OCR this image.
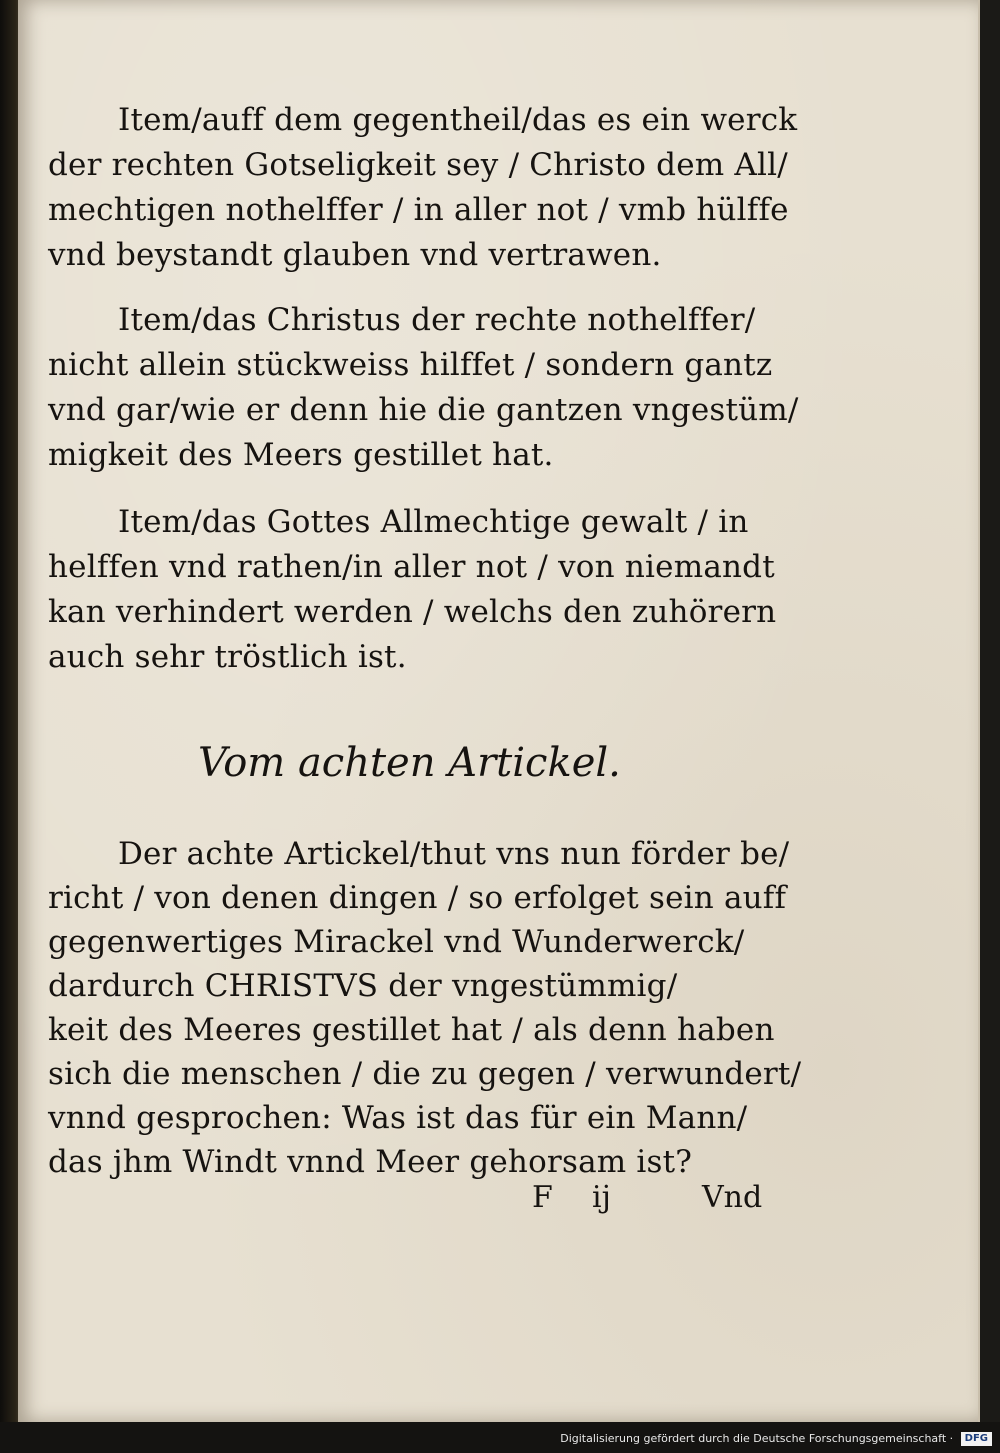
Item/auff dem gegentheil/das es ein werck
der rechten Gotseligkeit sey / Christo dem All∕
mechtigen nothelffer / in aller not / vmb hülffe
vnd beystandt glauben vnd vertrawen.
Item/das Christus der rechte nothelffer/
nicht allein stückweiss hilffet / sondern gantz
vnd gar/wie er denn hie die gantzen vngestüm∕
migkeit des Meers gestillet hat.
Item/das Gottes Allmechtige gewalt / in
helffen vnd rathen/in aller not / von niemandt
kan verhindert werden / welchs den zuhörern
auch sehr tröstlich ist.
Vom achten Artickel.
Der achte Artickel/thut vns nun förder be∕
richt / von denen dingen / so erfolget sein auff
gegenwertiges Mirackel vnd Wunderwerck/
dardurch CHRISTVS der vngestümmig∕
keit des Meeres gestillet hat / als denn haben
sich die menschen / die zu gegen / verwundert/
vnnd gesprochen: Was ist das für ein Mann/
das jhm Windt vnnd Meer gehorsam ist?
F ij	Vnd
Digitalisierung gefördert durch die Deutsche Forschungsgemeinschaft · DFG
